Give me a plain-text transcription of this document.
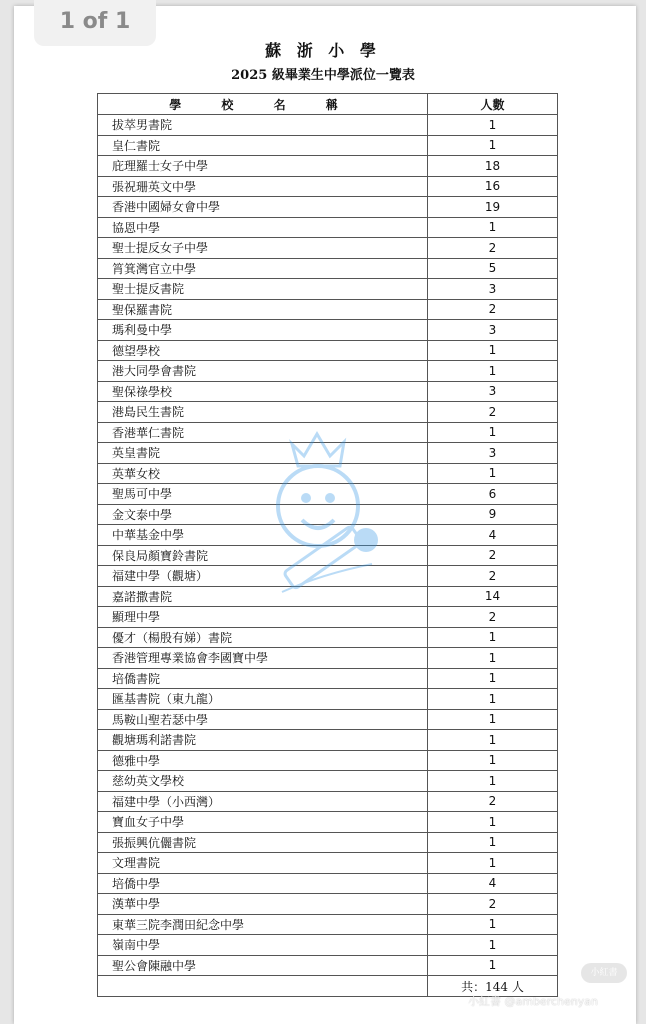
1 of 1
蘇 浙 小 學
2025 級畢業生中學派位一覽表
學 校 名 稱	人數
拔萃男書院	1
皇仁書院	1
庇理羅士女子中學	18
張祝珊英文中學	16
香港中國婦女會中學	19
協恩中學	1
聖士提反女子中學	2
筲箕灣官立中學	5
聖士提反書院	3
聖保羅書院	2
瑪利曼中學	3
德望學校	1
港大同學會書院	1
聖保祿學校	3
港島民生書院	2
香港華仁書院	1
英皇書院	3
英華女校	1
聖馬可中學	6
金文泰中學	9
中華基金中學	4
保良局顏寶鈴書院	2
福建中學（觀塘）	2
嘉諾撒書院	14
顯理中學	2
優才（楊殷有娣）書院	1
香港管理專業協會李國寶中學	1
培僑書院	1
匯基書院（東九龍）	1
馬鞍山聖若瑟中學	1
觀塘瑪利諾書院	1
德雅中學	1
慈幼英文學校	1
福建中學（小西灣）	2
寶血女子中學	1
張振興伉儷書院	1
文理書院	1
培僑中學	4
漢華中學	2
東華三院李潤田紀念中學	1
嶺南中學	1
聖公會陳融中學	1
	共：144 人
小紅書
小紅書 @amberchenyan
